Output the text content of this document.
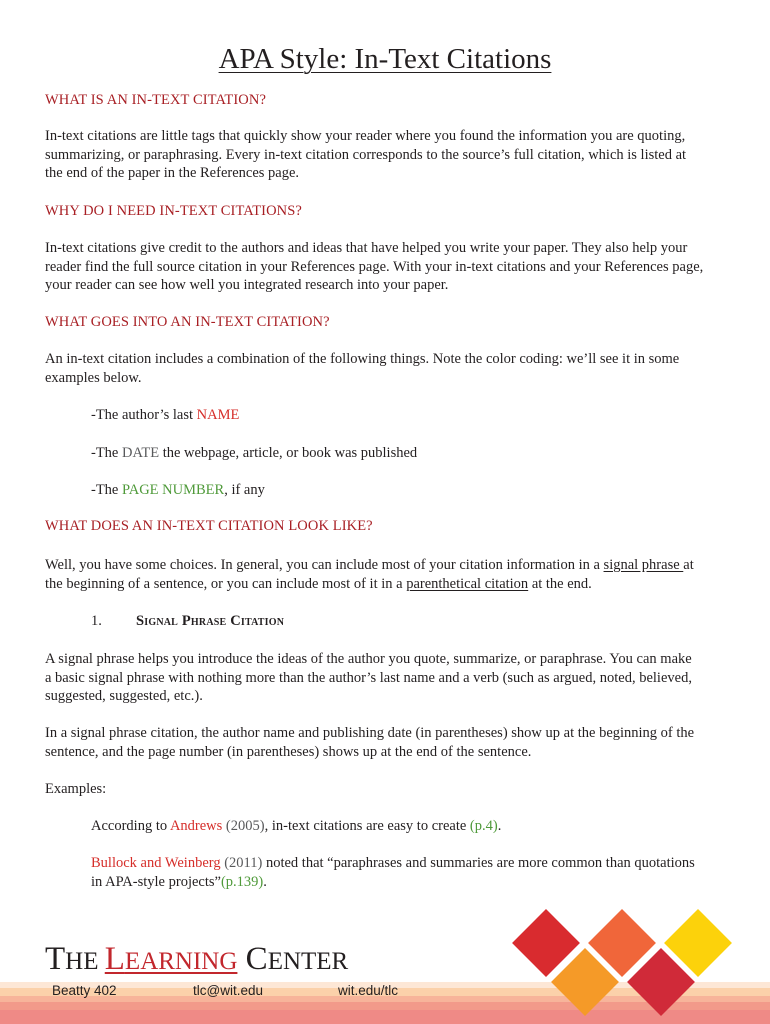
APA Style: In-Text Citations
WHAT IS AN IN-TEXT CITATION?
In-text citations are little tags that quickly show your reader where you found the information you are quoting,
summarizing, or paraphrasing. Every in-text citation corresponds to the source’s full citation, which is listed at
the end of the paper in the References page.
WHY DO I NEED IN-TEXT CITATIONS?
In-text citations give credit to the authors and ideas that have helped you write your paper. They also help your
reader find the full source citation in your References page. With your in-text citations and your References page,
your reader can see how well you integrated research into your paper.
WHAT GOES INTO AN IN-TEXT CITATION?
An in-text citation includes a combination of the following things. Note the color coding: we’ll see it in some
examples below.
-The author’s last NAME
-The DATE the webpage, article, or book was published
-The PAGE NUMBER, if any
WHAT DOES AN IN-TEXT CITATION LOOK LIKE?
Well, you have some choices. In general, you can include most of your citation information in a signal phrase at
the beginning of a sentence, or you can include most of it in a parenthetical citation at the end.
1. Signal Phrase Citation
A signal phrase helps you introduce the ideas of the author you quote, summarize, or paraphrase. You can make
a basic signal phrase with nothing more than the author’s last name and a verb (such as argued, noted, believed,
suggested, suggested, etc.).
In a signal phrase citation, the author name and publishing date (in parentheses) show up at the beginning of the
sentence, and the page number (in parentheses) shows up at the end of the sentence.
Examples:
According to Andrews (2005), in-text citations are easy to create (p.4).
Bullock and Weinberg (2011) noted that “paraphrases and summaries are more common than quotations
in APA-style projects”(p.139).
THE LEARNING CENTER
Beatty 402	tlc@wit.edu	wit.edu/tlc
